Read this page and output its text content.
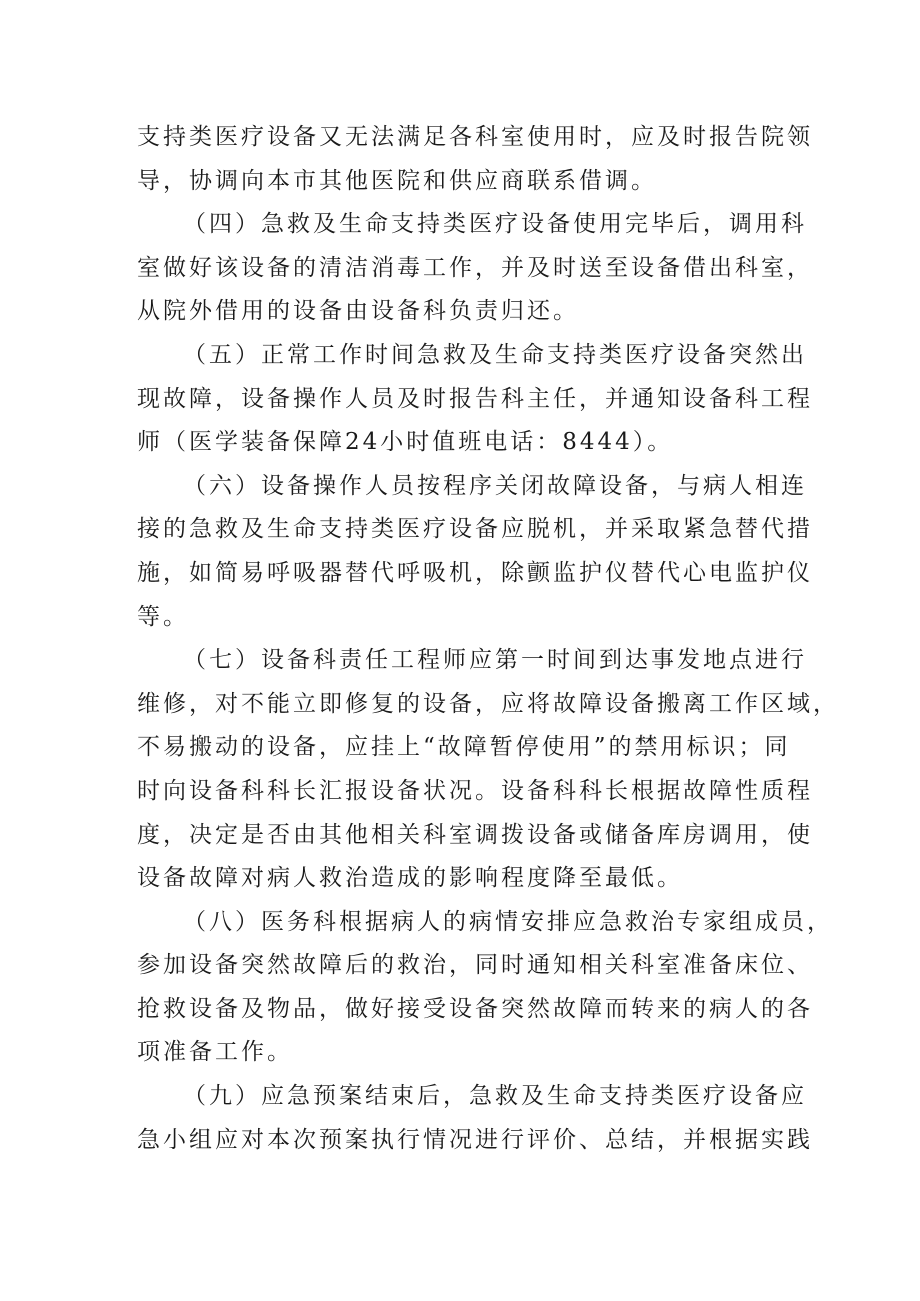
支持类医疗设备又无法满足各科室使用时，应及时报告院领
导，协调向本市其他医院和供应商联系借调。
（四）急救及生命支持类医疗设备使用完毕后，调用科
室做好该设备的清洁消毒工作，并及时送至设备借出科室，
从院外借用的设备由设备科负责归还。
（五）正常工作时间急救及生命支持类医疗设备突然出
现故障，设备操作人员及时报告科主任，并通知设备科工程
师（医学装备保障24小时值班电话：8444）。
（六）设备操作人员按程序关闭故障设备，与病人相连
接的急救及生命支持类医疗设备应脱机，并采取紧急替代措
施，如简易呼吸器替代呼吸机，除颤监护仪替代心电监护仪
等。
（七）设备科责任工程师应第一时间到达事发地点进行
维修，对不能立即修复的设备，应将故障设备搬离工作区域，
不易搬动的设备，应挂上“故障暂停使用”的禁用标识；同
时向设备科科长汇报设备状况。设备科科长根据故障性质程
度，决定是否由其他相关科室调拨设备或储备库房调用，使
设备故障对病人救治造成的影响程度降至最低。
（八）医务科根据病人的病情安排应急救治专家组成员，
参加设备突然故障后的救治，同时通知相关科室准备床位、
抢救设备及物品，做好接受设备突然故障而转来的病人的各
项准备工作。
（九）应急预案结束后，急救及生命支持类医疗设备应
急小组应对本次预案执行情况进行评价、总结，并根据实践
